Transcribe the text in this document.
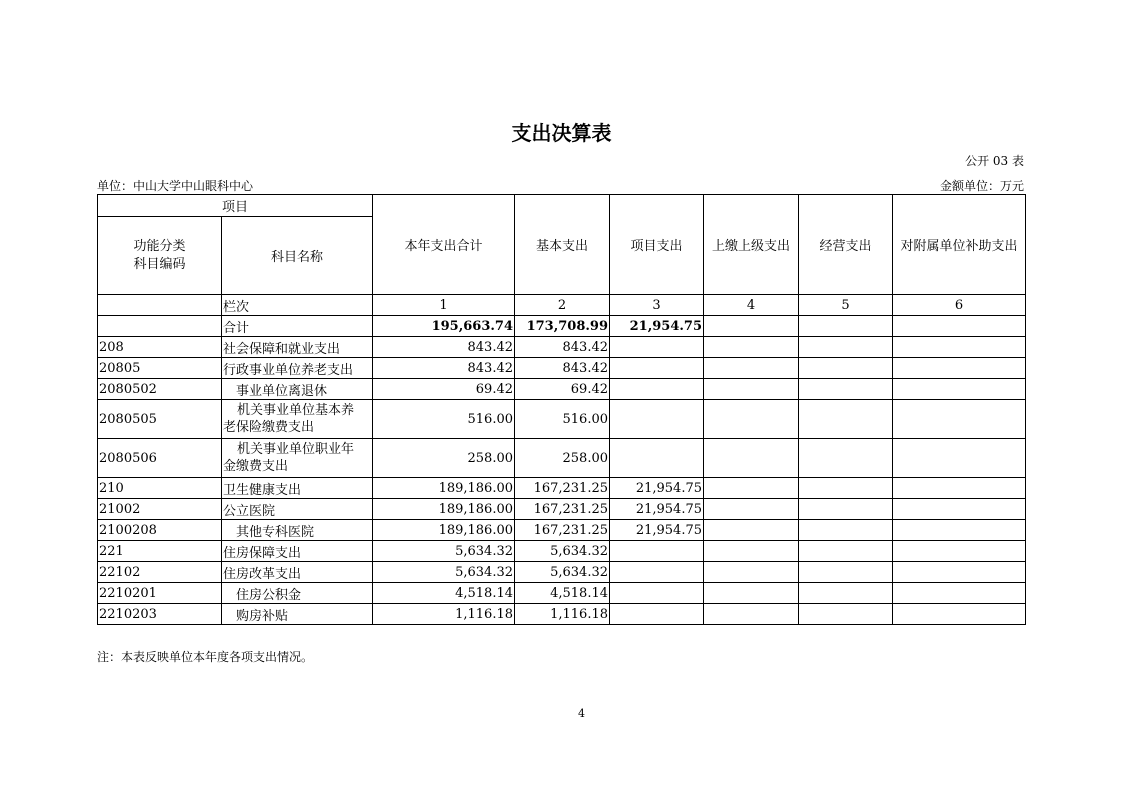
支出决算表
公开 03 表
单位：中山大学中山眼科中心	金额单位：万元
项目		本年支出合计	基本支出	项目支出	上缴上级支出	经营支出	对附属单位补助支出

功能分类
科目编码	科目名称						
	栏次	1	2	3	4	5	6
	合计	195,663.74	173,708.99	21,954.75			
208	社会保障和就业支出	843.42	843.42				
20805	行政事业单位养老支出	843.42	843.42				
2080502	事业单位离退休	69.42	69.42				
2080505	机关事业单位基本养
老保险缴费支出	516.00	516.00				
2080506	机关事业单位职业年
金缴费支出	258.00	258.00				
210	卫生健康支出	189,186.00	167,231.25	21,954.75			
21002	公立医院	189,186.00	167,231.25	21,954.75			
2100208	其他专科医院	189,186.00	167,231.25	21,954.75			
221	住房保障支出	5,634.32	5,634.32				
22102	住房改革支出	5,634.32	5,634.32				
2210201	住房公积金	4,518.14	4,518.14				
2210203	购房补贴	1,116.18	1,116.18				
注：本表反映单位本年度各项支出情况。
4
